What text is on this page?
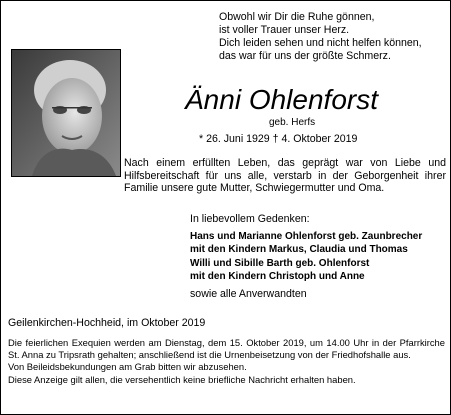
Obwohl wir Dir die Ruhe gönnen,
ist voller Trauer unser Herz.
Dich leiden sehen und nicht helfen können,
das war für uns der größte Schmerz.
Änni Ohlenforst
geb. Herfs
* 26. Juni 1929 † 4. Oktober 2019
Nach einem erfüllten Leben, das geprägt war von Liebe und Hilfsbereitschaft für uns alle, verstarb in der Geborgenheit ihrer Familie unsere gute Mutter, Schwiegermutter und Oma.
In liebevollem Gedenken:
Hans und Marianne Ohlenforst geb. Zaunbrecher
mit den Kindern Markus, Claudia und Thomas
Willi und Sibille Barth geb. Ohlenforst
mit den Kindern Christoph und Anne
sowie alle Anverwandten
Geilenkirchen-Hochheid, im Oktober 2019

Die feierlichen Exequien werden am Dienstag, dem 15. Oktober 2019, um 14.00 Uhr in der Pfarrkirche St. Anna zu Tripsrath gehalten; anschließend ist die Urnenbeisetzung von der Friedhofshalle aus.

Von Beileidsbekundungen am Grab bitten wir abzusehen.

Diese Anzeige gilt allen, die versehentlich keine briefliche Nachricht erhalten haben.
